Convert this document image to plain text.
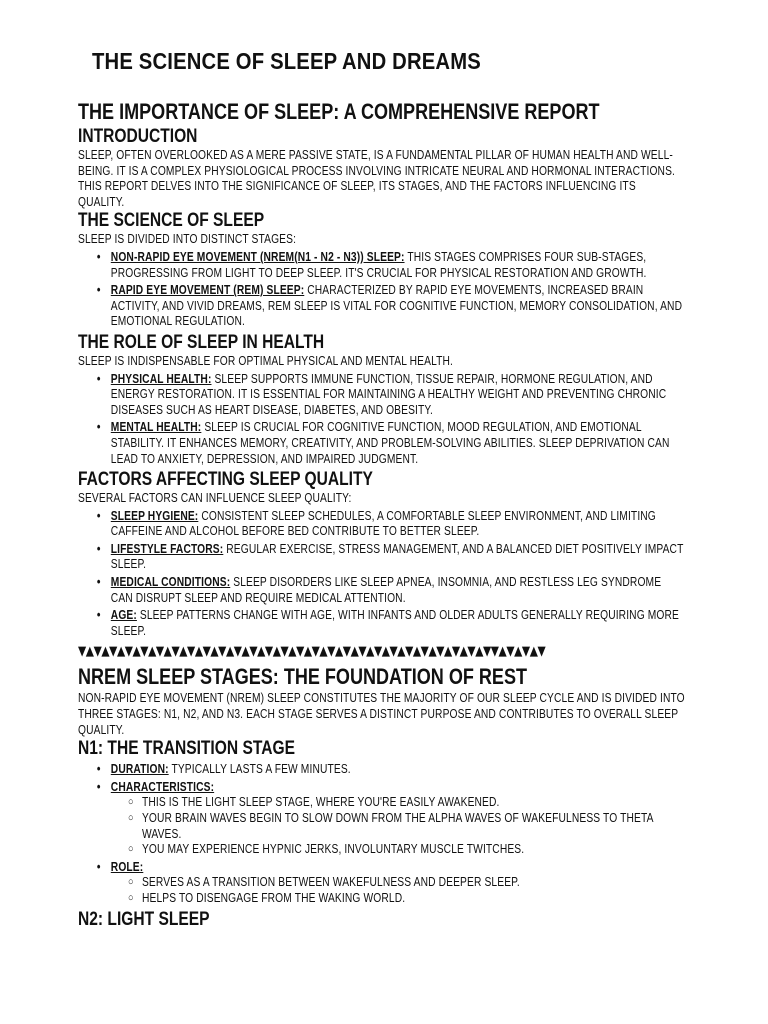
THE SCIENCE OF SLEEP AND DREAMS
THE IMPORTANCE OF SLEEP: A COMPREHENSIVE REPORT
INTRODUCTION

SLEEP, OFTEN OVERLOOKED AS A MERE PASSIVE STATE, IS A FUNDAMENTAL PILLAR OF HUMAN HEALTH AND WELL-BEING. IT IS A COMPLEX PHYSIOLOGICAL PROCESS INVOLVING INTRICATE NEURAL AND HORMONAL INTERACTIONS. THIS REPORT DELVES INTO THE SIGNIFICANCE OF SLEEP, ITS STAGES, AND THE FACTORS INFLUENCING ITS QUALITY.

THE SCIENCE OF SLEEP

SLEEP IS DIVIDED INTO DISTINCT STAGES:

• NON-RAPID EYE MOVEMENT (NREM(N1 - N2 - N3)) SLEEP: THIS STAGES COMPRISES FOUR SUB-STAGES, PROGRESSING FROM LIGHT TO DEEP SLEEP. IT'S CRUCIAL FOR PHYSICAL RESTORATION AND GROWTH.
• RAPID EYE MOVEMENT (REM) SLEEP: CHARACTERIZED BY RAPID EYE MOVEMENTS, INCREASED BRAIN ACTIVITY, AND VIVID DREAMS, REM SLEEP IS VITAL FOR COGNITIVE FUNCTION, MEMORY CONSOLIDATION, AND EMOTIONAL REGULATION.
THE ROLE OF SLEEP IN HEALTH

SLEEP IS INDISPENSABLE FOR OPTIMAL PHYSICAL AND MENTAL HEALTH.

• PHYSICAL HEALTH: SLEEP SUPPORTS IMMUNE FUNCTION, TISSUE REPAIR, HORMONE REGULATION, AND ENERGY RESTORATION. IT IS ESSENTIAL FOR MAINTAINING A HEALTHY WEIGHT AND PREVENTING CHRONIC DISEASES SUCH AS HEART DISEASE, DIABETES, AND OBESITY.
• MENTAL HEALTH: SLEEP IS CRUCIAL FOR COGNITIVE FUNCTION, MOOD REGULATION, AND EMOTIONAL STABILITY. IT ENHANCES MEMORY, CREATIVITY, AND PROBLEM-SOLVING ABILITIES. SLEEP DEPRIVATION CAN LEAD TO ANXIETY, DEPRESSION, AND IMPAIRED JUDGMENT.
FACTORS AFFECTING SLEEP QUALITY

SEVERAL FACTORS CAN INFLUENCE SLEEP QUALITY:

• SLEEP HYGIENE: CONSISTENT SLEEP SCHEDULES, A COMFORTABLE SLEEP ENVIRONMENT, AND LIMITING CAFFEINE AND ALCOHOL BEFORE BED CONTRIBUTE TO BETTER SLEEP.
• LIFESTYLE FACTORS: REGULAR EXERCISE, STRESS MANAGEMENT, AND A BALANCED DIET POSITIVELY IMPACT SLEEP.
• MEDICAL CONDITIONS: SLEEP DISORDERS LIKE SLEEP APNEA, INSOMNIA, AND RESTLESS LEG SYNDROME CAN DISRUPT SLEEP AND REQUIRE MEDICAL ATTENTION.
• AGE: SLEEP PATTERNS CHANGE WITH AGE, WITH INFANTS AND OLDER ADULTS GENERALLY REQUIRING MORE SLEEP.
▼▲▼▲▼▲▼▲▼▲▼▲▼▲▼▲▼▲▼▲▼▲▼▲▼▲▼▲▼▲▼▲▼▲▼▲▼▲▼▲▼▲▼▲▼▲▼▲▼▲▼▲▼▼▲▼▲▼▲▼
NREM SLEEP STAGES: THE FOUNDATION OF REST

NON-RAPID EYE MOVEMENT (NREM) SLEEP CONSTITUTES THE MAJORITY OF OUR SLEEP CYCLE AND IS DIVIDED INTO THREE STAGES: N1, N2, AND N3. EACH STAGE SERVES A DISTINCT PURPOSE AND CONTRIBUTES TO OVERALL SLEEP QUALITY.

N1: THE TRANSITION STAGE
• DURATION: TYPICALLY LASTS A FEW MINUTES.
• CHARACTERISTICS:
○ THIS IS THE LIGHT SLEEP STAGE, WHERE YOU'RE EASILY AWAKENED.
○ YOUR BRAIN WAVES BEGIN TO SLOW DOWN FROM THE ALPHA WAVES OF WAKEFULNESS TO THETA WAVES.
○ YOU MAY EXPERIENCE HYPNIC JERKS, INVOLUNTARY MUSCLE TWITCHES.
• ROLE:
○ SERVES AS A TRANSITION BETWEEN WAKEFULNESS AND DEEPER SLEEP.
○ HELPS TO DISENGAGE FROM THE WAKING WORLD.
N2: LIGHT SLEEP
